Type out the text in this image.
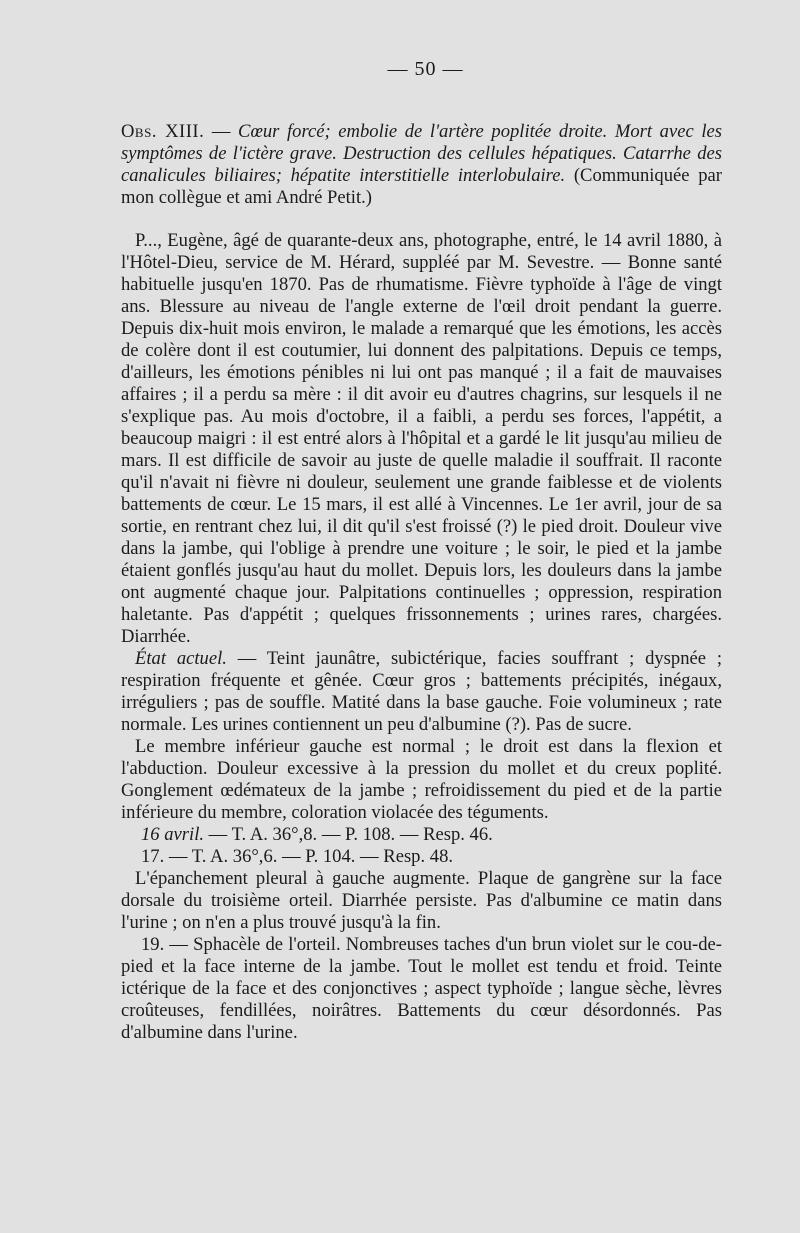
— 50 —
Obs. XIII. — Cœur forcé; embolie de l'artère poplitée droite. Mort avec les symptômes de l'ictère grave. Destruction des cellules hépatiques. Catarrhe des canalicules biliaires; hépatite interstitielle interlobulaire. (Communiquée par mon collègue et ami André Petit.)

P..., Eugène, âgé de quarante-deux ans, photographe, entré, le 14 avril 1880, à l'Hôtel-Dieu, service de M. Hérard, suppléé par M. Sevestre. — Bonne santé habituelle jusqu'en 1870. Pas de rhumatisme. Fièvre typhoïde à l'âge de vingt ans. Blessure au niveau de l'angle externe de l'œil droit pendant la guerre. Depuis dix-huit mois environ, le malade a remarqué que les émotions, les accès de colère dont il est coutumier, lui donnent des palpitations. Depuis ce temps, d'ailleurs, les émotions pénibles ni lui ont pas manqué ; il a fait de mauvaises affaires ; il a perdu sa mère : il dit avoir eu d'autres chagrins, sur lesquels il ne s'explique pas. Au mois d'octobre, il a faibli, a perdu ses forces, l'appétit, a beaucoup maigri : il est entré alors à l'hôpital et a gardé le lit jusqu'au milieu de mars. Il est difficile de savoir au juste de quelle maladie il souffrait. Il raconte qu'il n'avait ni fièvre ni douleur, seulement une grande faiblesse et de violents battements de cœur. Le 15 mars, il est allé à Vincennes. Le 1er avril, jour de sa sortie, en rentrant chez lui, il dit qu'il s'est froissé (?) le pied droit. Douleur vive dans la jambe, qui l'oblige à prendre une voiture ; le soir, le pied et la jambe étaient gonflés jusqu'au haut du mollet. Depuis lors, les douleurs dans la jambe ont augmenté chaque jour. Palpitations continuelles ; oppression, respiration haletante. Pas d'appétit ; quelques frissonnements ; urines rares, chargées. Diarrhée.

État actuel. — Teint jaunâtre, subictérique, facies souffrant ; dyspnée ; respiration fréquente et gênée. Cœur gros ; battements précipités, inégaux, irréguliers ; pas de souffle. Matité dans la base gauche. Foie volumineux ; rate normale. Les urines contiennent un peu d'albumine (?). Pas de sucre.

Le membre inférieur gauche est normal ; le droit est dans la flexion et l'abduction. Douleur excessive à la pression du mollet et du creux poplité. Gonglement œdémateux de la jambe ; refroidissement du pied et de la partie inférieure du membre, coloration violacée des téguments.

16 avril. — T. A. 36°,8. — P. 108. — Resp. 46.

17. — T. A. 36°,6. — P. 104. — Resp. 48.

L'épanchement pleural à gauche augmente. Plaque de gangrène sur la face dorsale du troisième orteil. Diarrhée persiste. Pas d'albumine ce matin dans l'urine ; on n'en a plus trouvé jusqu'à la fin.

19. — Sphacèle de l'orteil. Nombreuses taches d'un brun violet sur le cou-de-pied et la face interne de la jambe. Tout le mollet est tendu et froid. Teinte ictérique de la face et des conjonctives ; aspect typhoïde ; langue sèche, lèvres croûteuses, fendillées, noirâtres. Battements du cœur désordonnés. Pas d'albumine dans l'urine.
